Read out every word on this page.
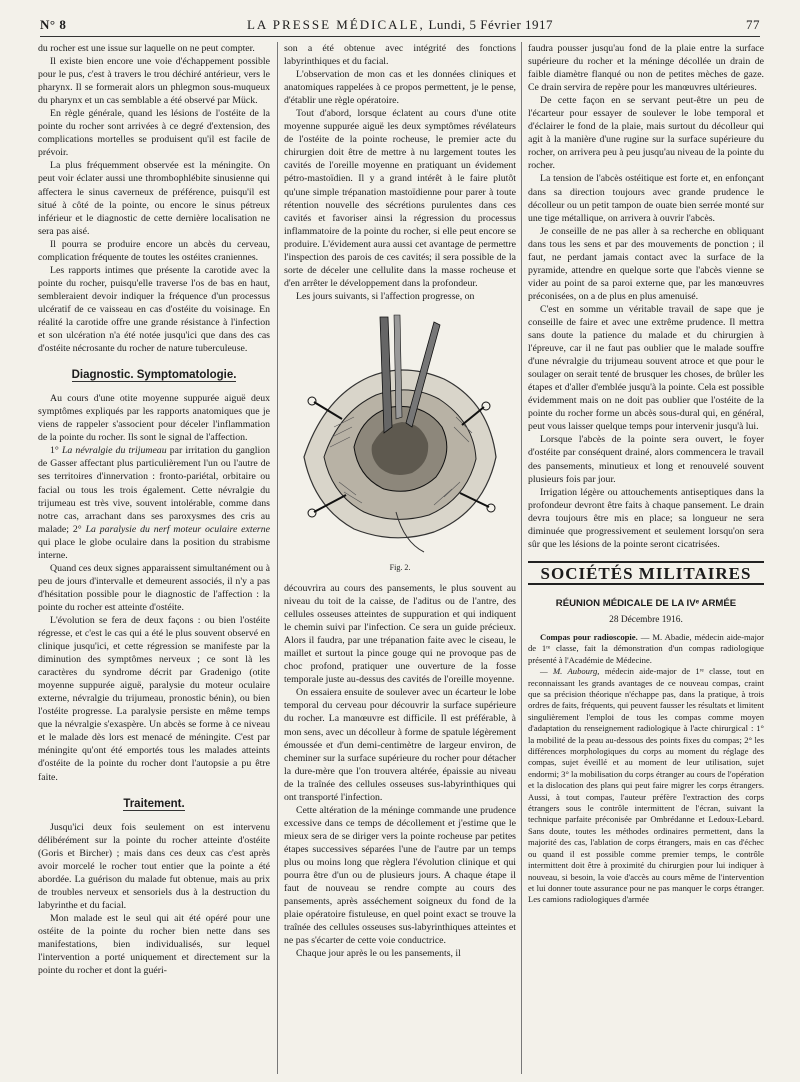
N° 8	LA PRESSE MÉDICALE, Lundi, 5 Février 1917	77

du rocher est une issue sur laquelle on ne peut compter.

Il existe bien encore une voie d'échappement possible pour le pus, c'est à travers le trou déchiré antérieur, vers le pharynx. Il se formerait alors un phlegmon sous-muqueux du pharynx et un cas semblable a été observé par Mück.

En règle générale, quand les lésions de l'ostéite de la pointe du rocher sont arrivées à ce degré d'extension, des complications mortelles se produisent qu'il est facile de prévoir.

La plus fréquemment observée est la méningite. On peut voir éclater aussi une thrombophlébite sinusienne qui affectera le sinus caverneux de préférence, puisqu'il est situé à côté de la pointe, ou encore le sinus pétreux inférieur et le diagnostic de cette dernière localisation ne sera pas aisé.

Il pourra se produire encore un abcès du cerveau, complication fréquente de toutes les ostéites craniennes.

Les rapports intimes que présente la carotide avec la pointe du rocher, puisqu'elle traverse l'os de bas en haut, sembleraient devoir indiquer la fréquence d'un processus ulcératif de ce vaisseau en cas d'ostéite du voisinage. En réalité la carotide offre une grande résistance à l'infection et son ulcération n'a été notée jusqu'ici que dans des cas d'ostéite nécrosante du rocher de nature tuberculeuse.

Diagnostic. Symptomatologie.

Au cours d'une otite moyenne suppurée aiguë deux symptômes expliqués par les rapports anatomiques que je viens de rappeler s'associent pour déceler l'inflammation de la pointe du rocher. Ils sont le signal de l'affection.

1° La névralgie du trijumeau par irritation du ganglion de Gasser affectant plus particulièrement l'un ou l'autre de ses territoires d'innervation : fronto-pariétal, orbitaire ou facial ou tous les trois également. Cette névralgie du trijumeau est très vive, souvent intolérable, comme dans notre cas, arrachant dans ses paroxysmes des cris au malade; 2° La paralysie du nerf moteur oculaire externe qui place le globe oculaire dans la position du strabisme interne.

Quand ces deux signes apparaissent simultanément ou à peu de jours d'intervalle et demeurent associés, il n'y a pas d'hésitation possible pour le diagnostic de l'affection : la pointe du rocher est atteinte d'ostéite.

L'évolution se fera de deux façons : ou bien l'ostéite régresse, et c'est le cas qui a été le plus souvent observé en clinique jusqu'ici, et cette régression se manifeste par la diminution des symptômes nerveux ; ce sont là les caractères du syndrome décrit par Gradenigo (otite moyenne suppurée aiguë, paralysie du moteur oculaire externe, névralgie du trijumeau, pronostic bénin), ou bien l'ostéite progresse. La paralysie persiste en même temps que la névralgie s'exaspère. Un abcès se forme à ce niveau et le malade dès lors est menacé de méningite. C'est par méningite qu'ont été emportés tous les malades atteints d'ostéite de la pointe du rocher dont l'autopsie a pu être faite.

Traitement.

Jusqu'ici deux fois seulement on est intervenu délibérément sur la pointe du rocher atteinte d'ostéite (Goris et Bircher) ; mais dans ces deux cas c'est après avoir morcelé le rocher tout entier que la pointe a été abordée. La guérison du malade fut obtenue, mais au prix de troubles nerveux et sensoriels dus à la destruction du labyrinthe et du facial.

Mon malade est le seul qui ait été opéré pour une ostéite de la pointe du rocher bien nette dans ses manifestations, bien individualisés, sur lequel l'intervention a porté uniquement et directement sur la pointe du rocher et dont la guéri-

son a été obtenue avec intégrité des fonctions labyrinthiques et du facial.

L'observation de mon cas et les données cliniques et anatomiques rappelées à ce propos permettent, je le pense, d'établir une règle opératoire.

Tout d'abord, lorsque éclatent au cours d'une otite moyenne suppurée aiguë les deux symptômes révélateurs de l'ostéite de la pointe rocheuse, le premier acte du chirurgien doit être de mettre à nu largement toutes les cavités de l'oreille moyenne en pratiquant un évidement pétro-mastoïdien. Il y a grand intérêt à le faire plutôt qu'une simple trépanation mastoïdienne pour parer à toute rétention nouvelle des sécrétions purulentes dans ces cavités et favoriser ainsi la régression du processus inflammatoire de la pointe du rocher, si elle peut encore se produire. L'évidement aura aussi cet avantage de permettre l'inspection des parois de ces cavités; il sera possible de la sorte de déceler une cellulite dans la masse rocheuse et d'en arrêter le développement dans la profondeur.

Les jours suivants, si l'affection progresse, on

Fig. 2.

découvrira au cours des pansements, le plus souvent au niveau du toit de la caisse, de l'aditus ou de l'antre, des cellules osseuses atteintes de suppuration et qui indiquent le chemin suivi par l'infection. Ce sera un guide précieux. Alors il faudra, par une trépanation faite avec le ciseau, le maillet et surtout la pince gouge qui ne provoque pas de choc profond, pratiquer une ouverture de la fosse temporale juste au-dessus des cavités de l'oreille moyenne.

On essaiera ensuite de soulever avec un écarteur le lobe temporal du cerveau pour découvrir la surface supérieure du rocher. La manœuvre est difficile. Il est préférable, à mon sens, avec un décolleur à forme de spatule légèrement émoussée et d'un demi-centimètre de largeur environ, de cheminer sur la surface supérieure du rocher pour détacher la dure-mère que l'on trouvera altérée, épaissie au niveau de la traînée des cellules osseuses sus-labyrinthiques qui ont transporté l'infection.

Cette altération de la méninge commande une prudence excessive dans ce temps de décollement et j'estime que le mieux sera de se diriger vers la pointe rocheuse par petites étapes successives séparées l'une de l'autre par un temps plus ou moins long que règlera l'évolution clinique et qui pourra être d'un ou de plusieurs jours. A chaque étape il faut de nouveau se rendre compte au cours des pansements, après asséchement soigneux du fond de la plaie opératoire fistuleuse, en quel point exact se trouve la traînée des cellules osseuses sus-labyrinthiques atteintes et ne pas s'écarter de cette voie conductrice.

Chaque jour après le ou les pansements, il

faudra pousser jusqu'au fond de la plaie entre la surface supérieure du rocher et la méninge décollée un drain de faible diamètre flanqué ou non de petites mèches de gaze. Ce drain servira de repère pour les manœuvres ultérieures.

De cette façon en se servant peut-être un peu de l'écarteur pour essayer de soulever le lobe temporal et d'éclairer le fond de la plaie, mais surtout du décolleur qui agit à la manière d'une rugine sur la surface supérieure du rocher, on arrivera peu à peu jusqu'au niveau de la pointe du rocher.

La tension de l'abcès ostéitique est forte et, en enfonçant dans sa direction toujours avec grande prudence le décolleur ou un petit tampon de ouate bien serrée monté sur une tige métallique, on arrivera à ouvrir l'abcès.

Je conseille de ne pas aller à sa recherche en obliquant dans tous les sens et par des mouvements de ponction ; il faut, ne perdant jamais contact avec la surface de la pyramide, attendre en quelque sorte que l'abcès vienne se vider au point de sa paroi externe que, par les manœuvres préconisées, on a de plus en plus amenuisé.

C'est en somme un véritable travail de sape que je conseille de faire et avec une extrême prudence. Il mettra sans doute la patience du malade et du chirurgien à l'épreuve, car il ne faut pas oublier que le malade souffre d'une névralgie du trijumeau souvent atroce et que pour le soulager on serait tenté de brusquer les choses, de brûler les étapes et d'aller d'emblée jusqu'à la pointe. Cela est possible évidemment mais on ne doit pas oublier que l'ostéite de la pointe du rocher forme un abcès sous-dural qui, en général, peut vous laisser quelque temps pour intervenir jusqu'à lui.

Lorsque l'abcès de la pointe sera ouvert, le foyer d'ostéite par conséquent drainé, alors commencera le travail des pansements, minutieux et long et renouvelé souvent plusieurs fois par jour.

Irrigation légère ou attouchements antiseptiques dans la profondeur devront être faits à chaque pansement. Le drain devra toujours être mis en place; sa longueur ne sera diminuée que progressivement et seulement lorsqu'on sera sûr que les lésions de la pointe seront cicatrisées.

SOCIÉTÉS MILITAIRES
RÉUNION MÉDICALE DE LA IVᵉ ARMÉE
28 Décembre 1916.

Compas pour radioscopie. — M. Abadie, médecin aide-major de 1ʳᵉ classe, fait la démonstration d'un compas radiologique présenté à l'Académie de Médecine.

— M. Aubourg, médecin aide-major de 1ʳᵉ classe, tout en reconnaissant les grands avantages de ce nouveau compas, craint que sa précision théorique n'échappe pas, dans la pratique, à trois ordres de faits, fréquents, qui peuvent fausser les résultats et limitent singulièrement l'emploi de tous les compas comme moyen d'adaptation du renseignement radiologique à l'acte chirurgical : 1° la mobilité de la peau au-dessous des points fixes du compas; 2° les différences morphologiques du corps au moment du réglage des compas, sujet éveillé et au moment de leur utilisation, sujet endormi; 3° la mobilisation du corps étranger au cours de l'opération et la dislocation des plans qui peut faire migrer les corps étrangers. Aussi, à tout compas, l'auteur préfère l'extraction des corps étrangers sous le contrôle intermittent de l'écran, suivant la technique parfaite préconisée par Ombrédanne et Ledoux-Lebard. Sans doute, toutes les méthodes ordinaires permettent, dans la majorité des cas, l'ablation de corps étrangers, mais en cas d'échec ou quand il est possible comme premier temps, le contrôle intermittent doit être à proximité du chirurgien pour lui indiquer à nouveau, si besoin, la voie d'accès au cours même de l'intervention et lui donner toute assurance pour ne pas manquer le corps étranger. Les camions radiologiques d'armée
